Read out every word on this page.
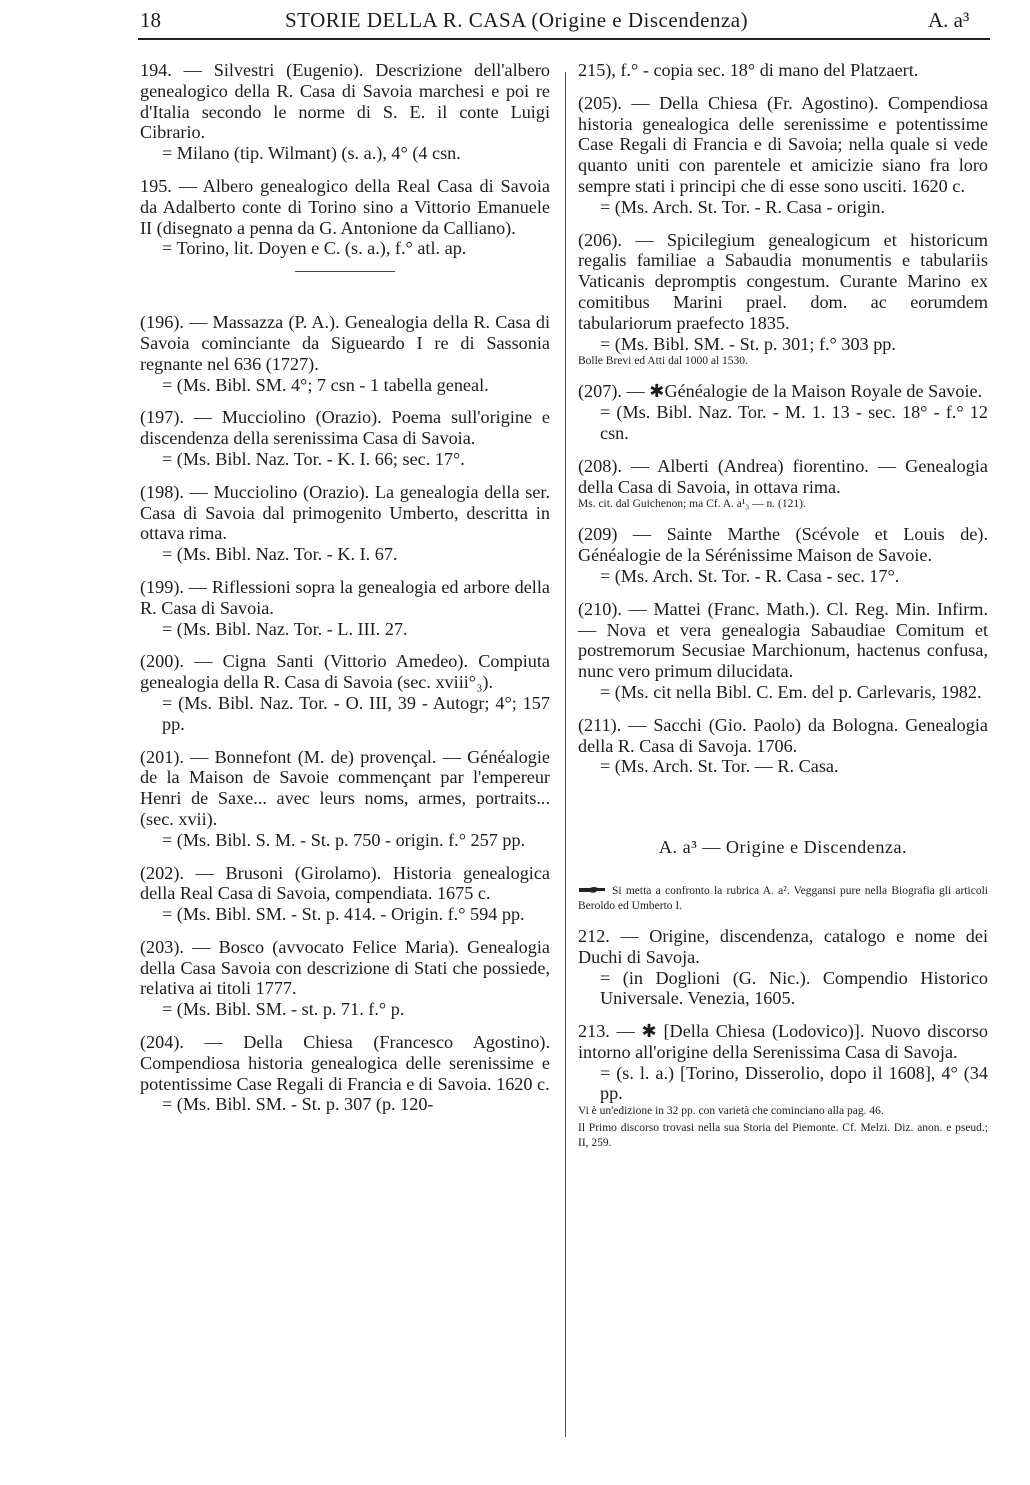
18	STORIE DELLA R. CASA (Origine e Discendenza)	A. a³

194. — Silvestri (Eugenio). Descrizione dell'albero genealogico della R. Casa di Savoia marchesi e poi re d'Italia secondo le norme di S. E. il conte Luigi Cibrario.

= Milano (tip. Wilmant) (s. a.), 4° (4 csn.

195. — Albero genealogico della Real Casa di Savoia da Adalberto conte di Torino sino a Vittorio Emanuele II (disegnato a penna da G. Antonione da Calliano).

= Torino, lit. Doyen e C. (s. a.), f.° atl. ap.

(196). — Massazza (P. A.). Genealogia della R. Casa di Savoia cominciante da Sigueardo I re di Sassonia regnante nel 636 (1727).

= (Ms. Bibl. SM. 4°; 7 csn - 1 tabella geneal.

(197). — Mucciolino (Orazio). Poema sull'origine e discendenza della serenissima Casa di Savoia.

= (Ms. Bibl. Naz. Tor. - K. I. 66; sec. 17°.

(198). — Mucciolino (Orazio). La genealogia della ser. Casa di Savoia dal primogenito Umberto, descritta in ottava rima.

= (Ms. Bibl. Naz. Tor. - K. I. 67.

(199). — Riflessioni sopra la genealogia ed arbore della R. Casa di Savoia.

= (Ms. Bibl. Naz. Tor. - L. III. 27.

(200). — Cigna Santi (Vittorio Amedeo). Compiuta genealogia della R. Casa di Savoia (sec. xviii°₃).

= (Ms. Bibl. Naz. Tor. - O. III, 39 - Autogr; 4°; 157 pp.

(201). — Bonnefont (M. de) provençal. — Généalogie de la Maison de Savoie commençant par l'empereur Henri de Saxe... avec leurs noms, armes, portraits... (sec. xvii).

= (Ms. Bibl. S. M. - St. p. 750 - origin. f.° 257 pp.

(202). — Brusoni (Girolamo). Historia genealogica della Real Casa di Savoia, compendiata. 1675 c.

= (Ms. Bibl. SM. - St. p. 414. - Origin. f.° 594 pp.

(203). — Bosco (avvocato Felice Maria). Genealogia della Casa Savoia con descrizione di Stati che possiede, relativa ai titoli 1777.

= (Ms. Bibl. SM. - st. p. 71. f.° p.

(204). — Della Chiesa (Francesco Agostino). Compendiosa historia genealogica delle serenissime e potentissime Case Regali di Francia e di Savoia. 1620 c.

= (Ms. Bibl. SM. - St. p. 307 (p. 120-

215), f.° - copia sec. 18° di mano del Platzaert.

(205). — Della Chiesa (Fr. Agostino). Compendiosa historia genealogica delle serenissime e potentissime Case Regali di Francia e di Savoia; nella quale si vede quanto uniti con parentele et amicizie siano fra loro sempre stati i principi che di esse sono usciti. 1620 c.

= (Ms. Arch. St. Tor. - R. Casa - origin.

(206). — Spicilegium genealogicum et historicum regalis familiae a Sabaudia monumentis e tabulariis Vaticanis depromptis congestum. Curante Marino ex comitibus Marini prael. dom. ac eorumdem tabulariorum praefecto 1835.

= (Ms. Bibl. SM. - St. p. 301; f.° 303 pp.

Bolle Brevi ed Atti dal 1000 al 1530.

(207). — ✱Généalogie de la Maison Royale de Savoie.

= (Ms. Bibl. Naz. Tor. - M. 1. 13 - sec. 18° - f.° 12 csn.

(208). — Alberti (Andrea) fiorentino. — Genealogia della Casa di Savoia, in ottava rima.

Ms. cit. dal Guichenon; ma Cf. A. a¹₃ — n. (121).

(209) — Sainte Marthe (Scévole et Louis de). Généalogie de la Sérénissime Maison de Savoie.

= (Ms. Arch. St. Tor. - R. Casa - sec. 17°.

(210). — Mattei (Franc. Math.). Cl. Reg. Min. Infirm. — Nova et vera genealogia Sabaudiae Comitum et postremorum Secusiae Marchionum, hactenus confusa, nunc vero primum dilucidata.

= (Ms. cit nella Bibl. C. Em. del p. Carlevaris, 1982.

(211). — Sacchi (Gio. Paolo) da Bologna. Genealogia della R. Casa di Savoja. 1706.

= (Ms. Arch. St. Tor. — R. Casa.

A. a³ — Origine e Discendenza.

Si metta a confronto la rubrica A. a². Veggansi pure nella Biografia gli articoli Beroldo ed Umberto I.

212. — Origine, discendenza, catalogo e nome dei Duchi di Savoja.

= (in Doglioni (G. Nic.). Compendio Historico Universale. Venezia, 1605.

213. — ✱ [Della Chiesa (Lodovico)]. Nuovo discorso intorno all'origine della Serenissima Casa di Savoja.

= (s. l. a.) [Torino, Disserolio, dopo il 1608], 4° (34 pp.

Vi è un'edizione in 32 pp. con varietà che cominciano alla pag. 46.

Il Primo discorso trovasi nella sua Storia del Piemonte. Cf. Melzi. Diz. anon. e pseud.; II, 259.
